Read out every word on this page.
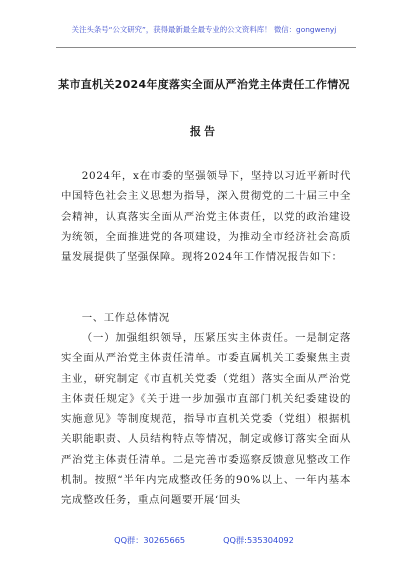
关注头条号“公文研究”，获得最新最全最专业的公文资料库！ 微信：gongwenyj
某市直机关2024年度落实全面从严治党主体责任工作情况
报告
2024年，x在市委的坚强领导下，坚持以习近平新时代中国特色社会主义思想为指导，深入贯彻党的二十届三中全会精神，认真落实全面从严治党主体责任，以党的政治建设为统领，全面推进党的各项建设，为推动全市经济社会高质量发展提供了坚强保障。现将2024年工作情况报告如下：
一、工作总体情况
（一）加强组织领导，压紧压实主体责任。一是制定落实全面从严治党主体责任清单。市委直属机关工委聚焦主责主业，研究制定《市直机关党委（党组）落实全面从严治党主体责任规定》《关于进一步加强市直部门机关纪委建设的实施意见》等制度规范，指导市直机关党委（党组）根据机关职能职责、人员结构特点等情况，制定或修订落实全面从严治党主体责任清单。二是完善市委巡察反馈意见整改工作机制。按照“半年内完成整改任务的90%以上、一年内基本完成整改任务，重点问题要开展‘回头
QQ群：30265665	QQ群:535304092
